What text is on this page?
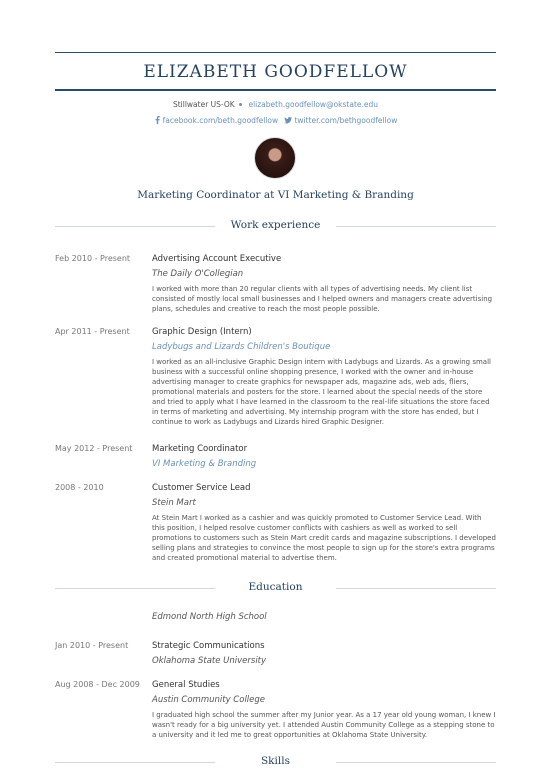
ELIZABETH GOODFELLOW
Stillwater US-OK elizabeth.goodfellow@okstate.edu
facebook.com/beth.goodfellow twitter.com/bethgoodfellow
Marketing Coordinator at VI Marketing & Branding
Work experience
Feb 2010 - Present	Advertising Account Executive
The Daily O'Collegian
I worked with more than 20 regular clients with all types of advertising needs. My client list consisted of mostly local small businesses and I helped owners and managers create advertising plans, schedules and creative to reach the most people possible.
Apr 2011 - Present	Graphic Design (Intern)
Ladybugs and Lizards Children's Boutique
I worked as an all-inclusive Graphic Design intern with Ladybugs and Lizards. As a growing small business with a successful online shopping presence, I worked with the owner and in-house advertising manager to create graphics for newspaper ads, magazine ads, web ads, fliers, promotional materials and posters for the store. I learned about the special needs of the store and tried to apply what I have learned in the classroom to the real-life situations the store faced in terms of marketing and advertising. My internship program with the store has ended, but I continue to work as Ladybugs and Lizards hired Graphic Designer.
May 2012 - Present	Marketing Coordinator
VI Marketing & Branding
2008 - 2010	Customer Service Lead
Stein Mart
At Stein Mart I worked as a cashier and was quickly promoted to Customer Service Lead. With this position, I helped resolve customer conflicts with cashiers as well as worked to sell promotions to customers such as Stein Mart credit cards and magazine subscriptions. I developed selling plans and strategies to convince the most people to sign up for the store's extra programs and created promotional material to advertise them.
Education
Edmond North High School
Jan 2010 - Present	Strategic Communications
Oklahoma State University
Aug 2008 - Dec 2009	General Studies
Austin Community College
I graduated high school the summer after my Junior year. As a 17 year old young woman, I knew I wasn't ready for a big university yet. I attended Austin Community College as a stepping stone to a university and it led me to great opportunities at Oklahoma State University.
Skills
